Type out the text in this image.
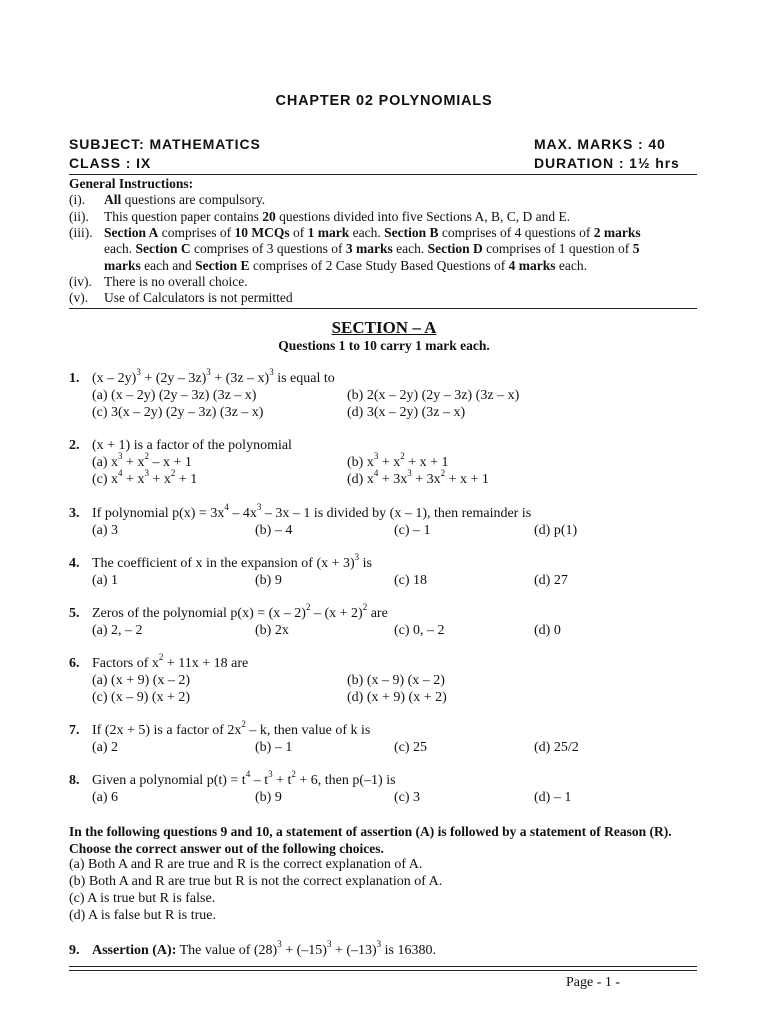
CHAPTER 02 POLYNOMIALS
SUBJECT: MATHEMATICS	MAX. MARKS : 40
CLASS : IX	DURATION : 1½ hrs
General Instructions:
(i).	All questions are compulsory.
(ii).	This question paper contains 20 questions divided into five Sections A, B, C, D and E.
(iii). Section A comprises of 10 MCQs of 1 mark each. Section B comprises of 4 questions of 2 marks
each. Section C comprises of 3 questions of 3 marks each. Section D comprises of 1 question of 5
marks each and Section E comprises of 2 Case Study Based Questions of 4 marks each.
(iv). There is no overall choice.
(v).	Use of Calculators is not permitted
SECTION – A
Questions 1 to 10 carry 1 mark each.
1. (x – 2y)$^3$ + (2y – 3z)$^3$ + (3z – x)$^3$ is equal to
(a) (x – 2y) (2y – 3z) (3z – x)	(b) 2(x – 2y) (2y – 3z) (3z – x)
(c) 3(x – 2y) (2y – 3z) (3z – x)	(d) 3(x – 2y) (3z – x)
2. (x + 1) is a factor of the polynomial
(a) $x^3 + x^2 - x + 1$	(b) $x^3 + x^2 + x + 1$
(c) $x^4 + x^3 + x^2 + 1$	(d) $x^4 + 3x^3 + 3x^2 + x + 1$
3. If polynomial $p(x) = 3x^4 - 4x^3 - 3x - 1$ is divided by (x – 1), then remainder is
(a) 3	(b) – 4	(c) – 1	(d) p(1)
4. The coefficient of x in the expansion of $(x + 3)^3$ is
(a) 1	(b) 9	(c) 18	(d) 27
5. Zeros of the polynomial $p(x) = (x - 2)^2 - (x + 2)^2$ are
(a) 2, – 2	(b) 2x	(c) 0, – 2	(d) 0
6. Factors of $x^2 + 11x + 18$ are
(a) (x + 9) (x – 2)	(b) (x – 9) (x – 2)
(c) (x – 9) (x + 2)	(d) (x + 9) (x + 2)
7. If (2x + 5) is a factor of $2x^2$ – k, then value of k is
(a) 2	(b) – 1	(c) 25	(d) 25/2
8. Given a polynomial $p(t) = t^4 - t^3 + t^2 + 6$, then p(–1) is
(a) 6	(b) 9	(c) 3	(d) – 1
In the following questions 9 and 10, a statement of assertion (A) is followed by a statement of Reason (R). Choose the correct answer out of the following choices.
(a) Both A and R are true and R is the correct explanation of A.
(b) Both A and R are true but R is not the correct explanation of A.
(c) A is true but R is false.
(d) A is false but R is true.
9. Assertion (A): The value of $(28)^3 + (-15)^3 + (-13)^3$ is 16380.
Page - 1 -
